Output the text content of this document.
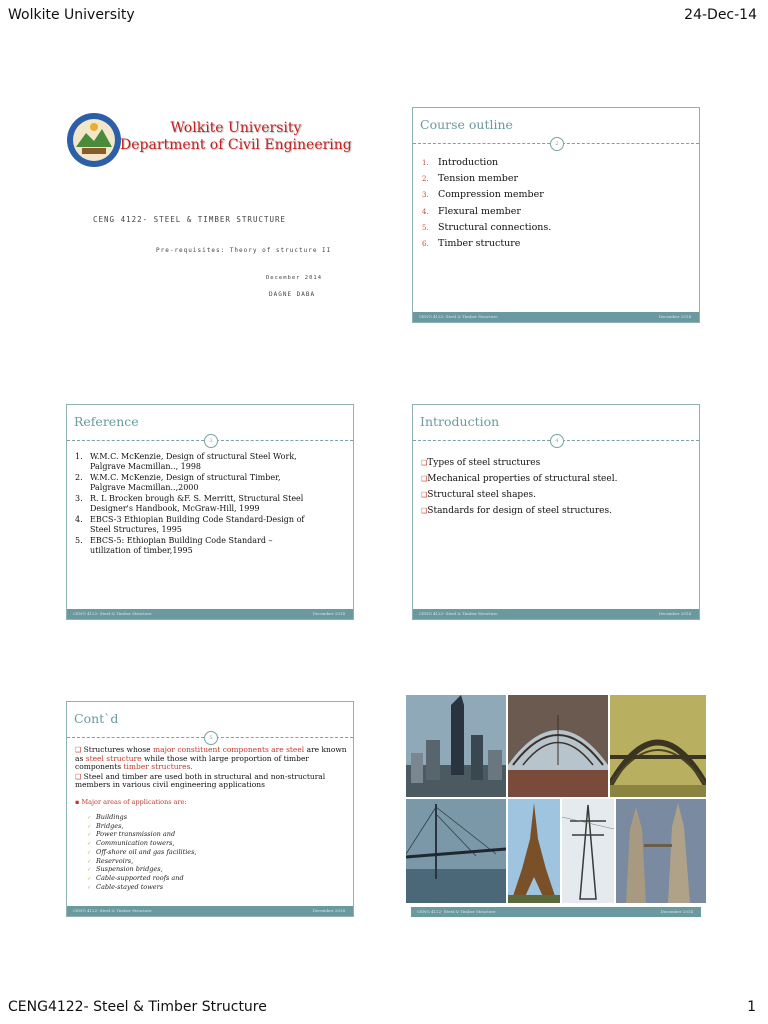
Wolkite University	24-Dec-14
Wolkite University
Department of Civil Engineering
CENG 4122- STEEL & TIMBER STRUCTURE
Pre-requisites: Theory of structure II
December 2014
DAGNE DABA
Course outline
2
1. Introduction
2. Tension member
3. Compression member
4. Flexural member
5. Structural connections.
6. Timber structure
CENG 4122- Steel & Timber Structure	December 2014
Reference
3
1. W.M.C. McKenzie, Design of structural Steel Work,
Palgrave Macmillan.., 1998
2. W.M.C. McKenzie, Design of structural Timber,
Palgrave Macmillan..,2000
3. R. L Brocken brough &F. S. Merritt, Structural Steel
Designer's Handbook, McGraw-Hill, 1999
4. EBCS-3 Ethiopian Building Code Standard-Design of
Steel Structures, 1995
5. EBCS-5: Ethiopian Building Code Standard –
utilization of timber,1995
CENG 4122- Steel & Timber Structure	December 2014
Introduction
4
❑Types of steel structures
❑Mechanical properties of structural steel.
❑Structural steel shapes.
❑Standards for design of steel structures.
CENG 4122- Steel & Timber Structure	December 2014
Cont`d
5

❑ Structures whose major constituent components are steel are known as steel structure while those with large proportion of timber components timber structures.

❑ Steel and timber are used both in structural and non-structural members in various civil engineering applications

▪ Major areas of applications are:
✓ Buildings
✓ Bridges,
✓ Power transmission and
✓ Communication towers,
✓ Off-shore oil and gas facilities,
✓ Reservoirs,
✓ Suspension bridges,
✓ Cable-supported roofs and
✓ Cable-stayed towers
CENG 4122- Steel & Timber Structure	December 2014	CENG 4122- Steel & Timber Structure	December 2014
CENG4122- Steel & Timber Structure	1
